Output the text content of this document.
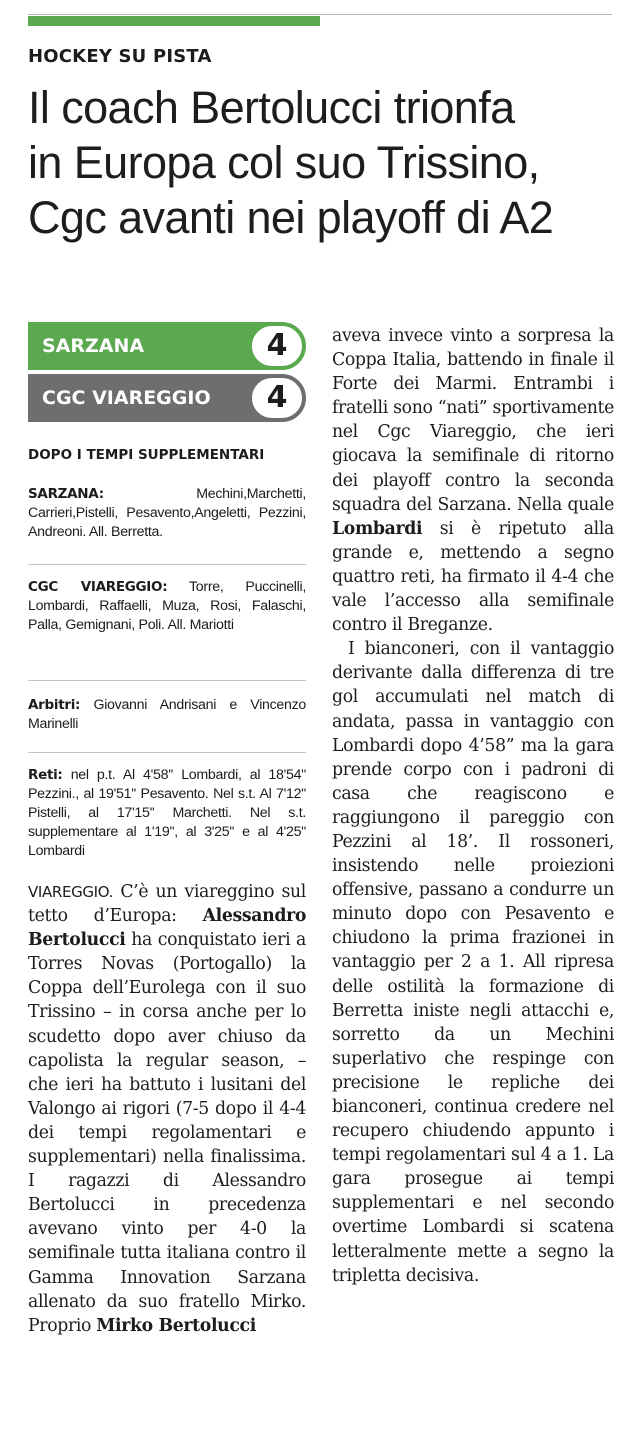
HOCKEY SU PISTA
Il coach Bertolucci trionfa
in Europa col suo Trissino,
Cgc avanti nei playoff di A2
SARZANA	4
CGC VIAREGGIO	4
DOPO I TEMPI SUPPLEMENTARI
SARZANA:	Mechini,Marchetti, Carrieri,Pistelli, Pesavento,Angeletti, Pezzini, Andreoni. All. Berretta.
CGC VIAREGGIO: Torre, Puccinelli, Lombardi, Raffaelli, Muza, Rosi, Falaschi, Palla, Gemignani, Poli. All. Mariotti
Arbitri: Giovanni Andrisani e Vincenzo Marinelli
Reti: nel p.t. Al 4'58'' Lombardi, al 18'54'' Pezzini., al 19'51'' Pesavento. Nel s.t. Al 7'12'' Pistelli, al 17'15'' Marchetti. Nel s.t. supplementare al 1'19'', al 3'25'' e al 4'25'' Lombardi

VIAREGGIO. C’è un viareggino sul tetto d’Europa: Alessandro Bertolucci ha conquistato ieri a Torres Novas (Portogallo) la Coppa dell’Eurolega con il suo Trissino – in corsa anche per lo scudetto dopo aver chiuso da capolista la regular season, – che ieri ha battuto i lusitani del Valongo ai rigori (7-5 dopo il 4-4 dei tempi regolamentari e supplementari) nella finalissima. I ragazzi di Alessandro Bertolucci in precedenza avevano vinto per 4-0 la semifinale tutta italiana contro il Gamma Innovation Sarzana allenato da suo fratello Mirko. Proprio Mirko Bertolucci

aveva invece vinto a sorpresa la Coppa Italia, battendo in finale il Forte dei Marmi. Entrambi i fratelli sono “nati” sportivamente nel Cgc Viareggio, che ieri giocava la semifinale di ritorno dei playoff contro la seconda squadra del Sarzana. Nella quale Lombardi si è ripetuto alla grande e, mettendo a segno quattro reti, ha firmato il 4-4 che vale l’accesso alla semifinale contro il Breganze.

I bianconeri, con il vantaggio derivante dalla differenza di tre gol accumulati nel match di andata, passa in vantaggio con Lombardi dopo 4’58” ma la gara prende corpo con i padroni di casa che reagiscono e raggiungono il pareggio con Pezzini al 18’. Il rossoneri, insistendo nelle proiezioni offensive, passano a condurre un minuto dopo con Pesavento e chiudono la prima frazionei in vantaggio per 2 a 1. All ripresa delle ostilità la formazione di Berretta iniste negli attacchi e, sorretto da un Mechini superlativo che respinge con precisione le repliche dei bianconeri, continua credere nel recupero chiudendo appunto i tempi regolamentari sul 4 a 1. La gara prosegue ai tempi supplementari e nel secondo overtime Lombardi si scatena letteralmente mette a segno la tripletta decisiva.
